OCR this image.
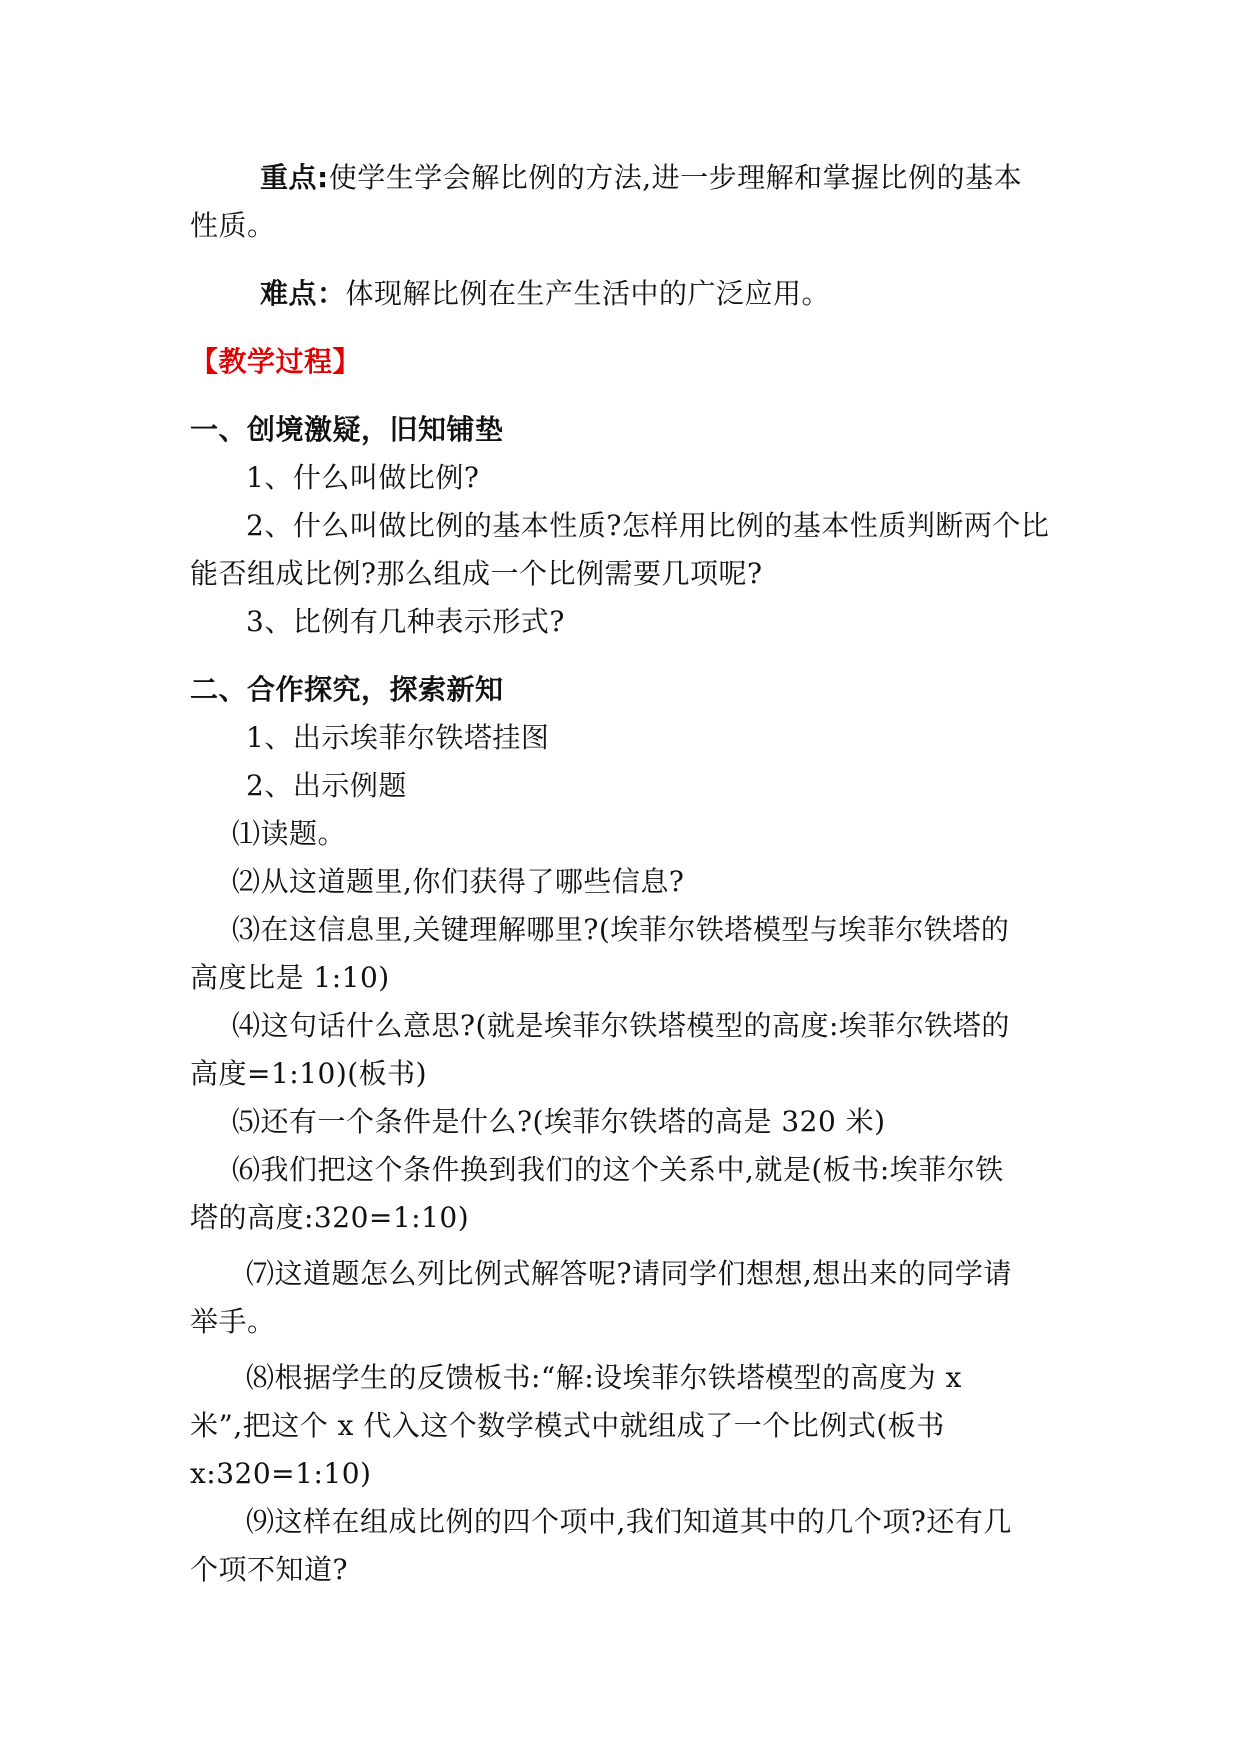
重点:使学生学会解比例的方法,进一步理解和掌握比例的基本
性质。
难点：体现解比例在生产生活中的广泛应用。
【教学过程】
一、创境激疑，旧知铺垫
1、什么叫做比例?
2、什么叫做比例的基本性质?怎样用比例的基本性质判断两个比
能否组成比例?那么组成一个比例需要几项呢?
3、比例有几种表示形式?
二、合作探究，探索新知
1、出示埃菲尔铁塔挂图
2、出示例题
⑴读题。
⑵从这道题里,你们获得了哪些信息?
⑶在这信息里,关键理解哪里?(埃菲尔铁塔模型与埃菲尔铁塔的
高度比是 1:10)
⑷这句话什么意思?(就是埃菲尔铁塔模型的高度:埃菲尔铁塔的
高度=1:10)(板书)
⑸还有一个条件是什么?(埃菲尔铁塔的高是 320 米)
⑹我们把这个条件换到我们的这个关系中,就是(板书:埃菲尔铁
塔的高度:320=1:10)
⑺这道题怎么列比例式解答呢?请同学们想想,想出来的同学请
举手。
⑻根据学生的反馈板书:“解:设埃菲尔铁塔模型的高度为 x
米”,把这个 x 代入这个数学模式中就组成了一个比例式(板书
x:320=1:10)
⑼这样在组成比例的四个项中,我们知道其中的几个项?还有几
个项不知道?
